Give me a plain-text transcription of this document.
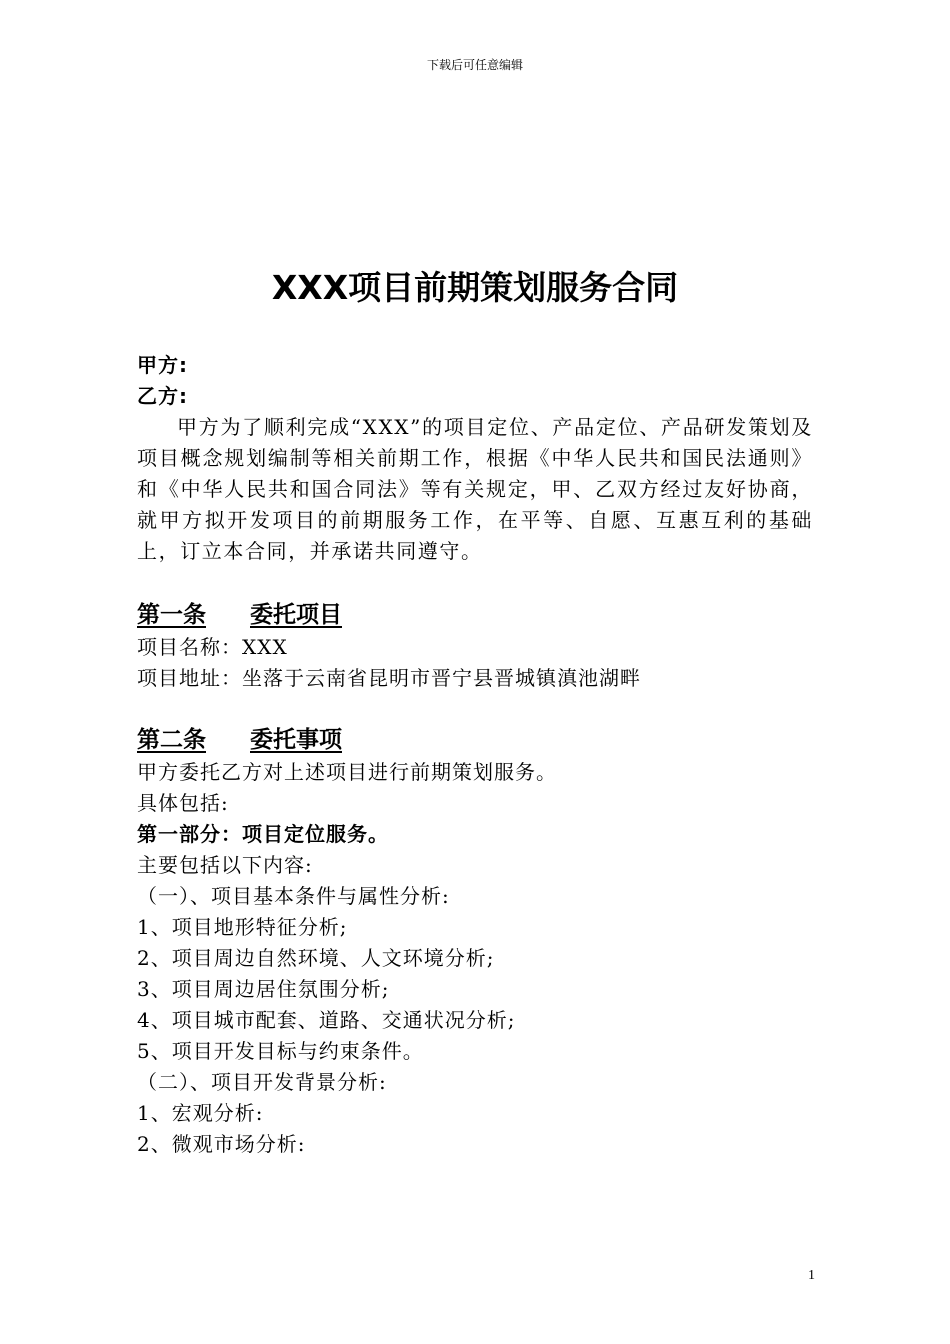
下载后可任意编辑
XXX项目前期策划服务合同
甲方:
乙方:

甲方为了顺利完成“XXX”的项目定位、产品定位、产品研发策划及项目概念规划编制等相关前期工作，根据《中华人民共和国民法通则》和《中华人民共和国合同法》等有关规定，甲、乙双方经过友好协商，就甲方拟开发项目的前期服务工作，在平等、自愿、互惠互利的基础上，订立本合同，并承诺共同遵守。

第一条 委托项目
项目名称：XXX
项目地址：坐落于云南省昆明市晋宁县晋城镇滇池湖畔
第二条 委托事项
甲方委托乙方对上述项目进行前期策划服务。
具体包括:
第一部分：项目定位服务。
主要包括以下内容:
（一）、项目基本条件与属性分析:
1、项目地形特征分析;
2、项目周边自然环境、人文环境分析;
3、项目周边居住氛围分析;
4、项目城市配套、道路、交通状况分析;
5、项目开发目标与约束条件。
（二）、项目开发背景分析:
1、宏观分析:
2、微观市场分析:
1
